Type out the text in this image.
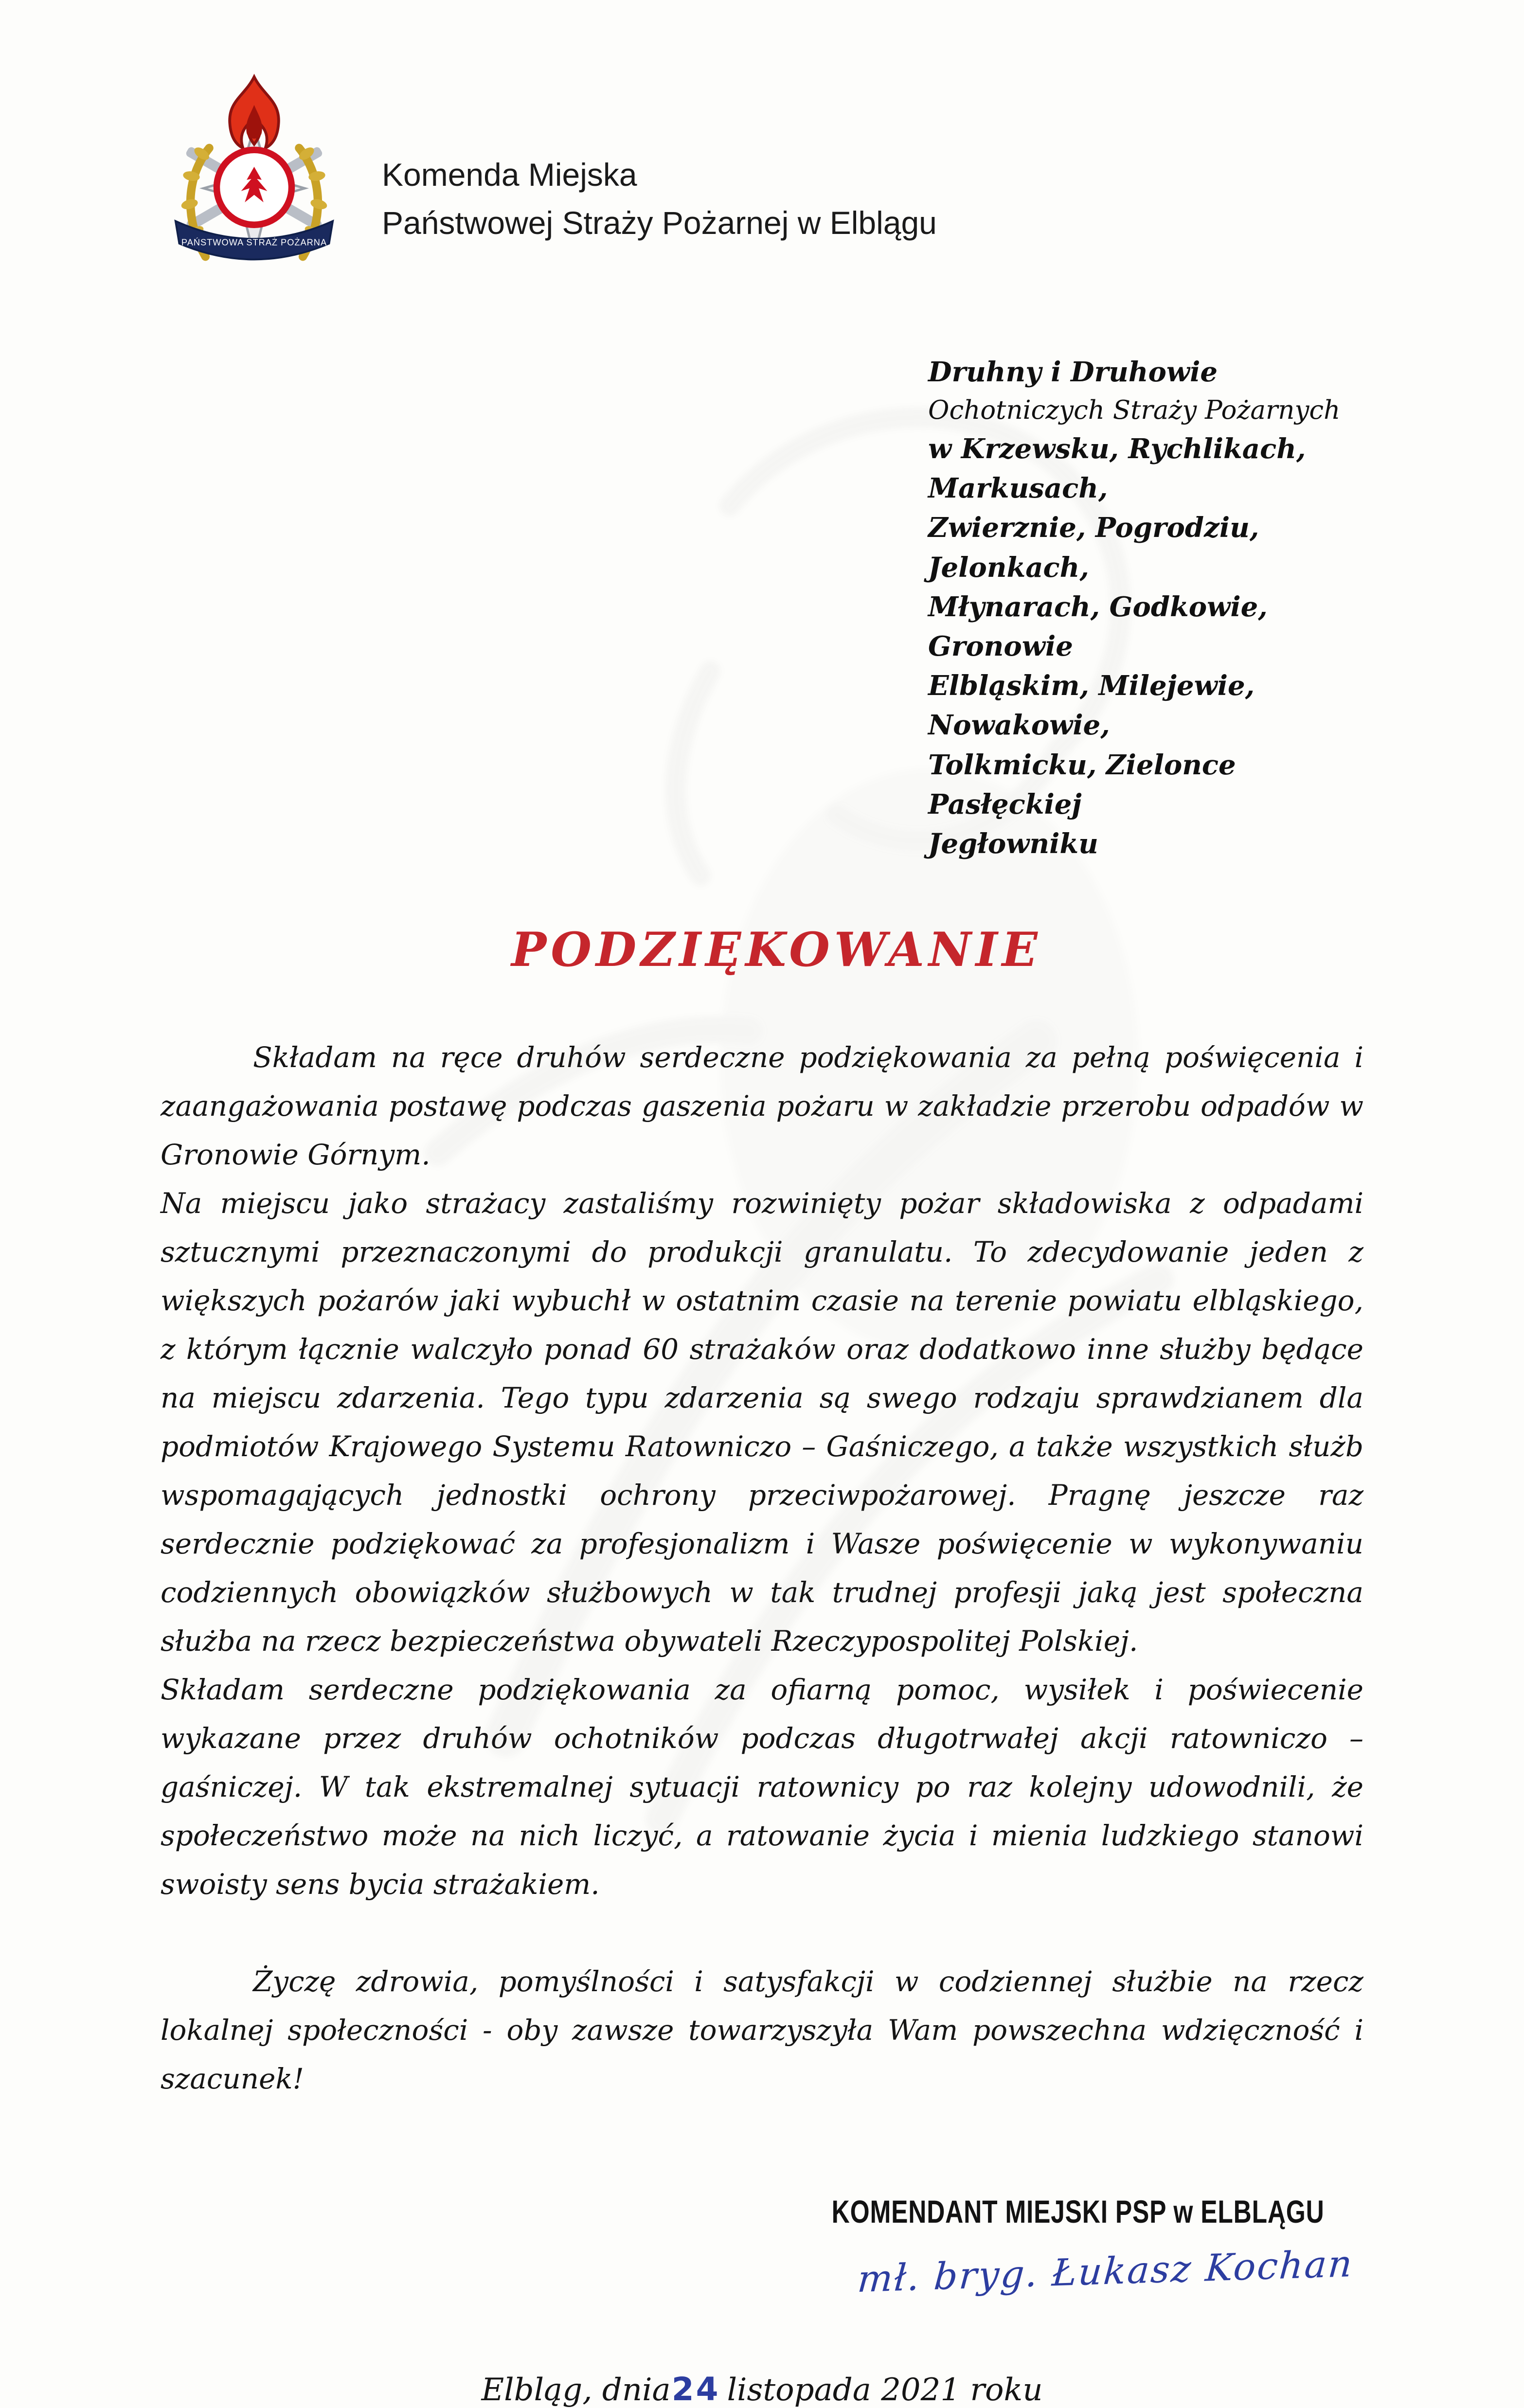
PAŃSTWOWA STRAŻ POŻARNA
Komenda Miejska
Państwowej Straży Pożarnej w Elblągu
Druhny i Druhowie
Ochotniczych Straży Pożarnych
w Krzewsku, Rychlikach, Markusach,
Zwierznie, Pogrodziu, Jelonkach,
Młynarach, Godkowie, Gronowie
Elbląskim, Milejewie, Nowakowie,
Tolkmicku, Zielonce Pasłęckiej
Jegłowniku
PODZIĘKOWANIE

Składam na ręce druhów serdeczne podziękowania za pełną poświęcenia i zaangażowania postawę podczas gaszenia pożaru w zakładzie przerobu odpadów w Gronowie Górnym.

Na miejscu jako strażacy zastaliśmy rozwinięty pożar składowiska z odpadami sztucznymi przeznaczonymi do produkcji granulatu. To zdecydowanie jeden z większych pożarów jaki wybuchł w ostatnim czasie na terenie powiatu elbląskiego, z którym łącznie walczyło ponad 60 strażaków oraz dodatkowo inne służby będące na miejscu zdarzenia. Tego typu zdarzenia są swego rodzaju sprawdzianem dla podmiotów Krajowego Systemu Ratowniczo – Gaśniczego, a także wszystkich służb wspomagających jednostki ochrony przeciwpożarowej. Pragnę jeszcze raz serdecznie podziękować za profesjonalizm i Wasze poświęcenie w wykonywaniu codziennych obowiązków służbowych w tak trudnej profesji jaką jest społeczna służba na rzecz bezpieczeństwa obywateli Rzeczypospolitej Polskiej.

Składam serdeczne podziękowania za ofiarną pomoc, wysiłek i poświecenie wykazane przez druhów ochotników podczas długotrwałej akcji ratowniczo – gaśniczej. W tak ekstremalnej sytuacji ratownicy po raz kolejny udowodnili, że społeczeństwo może na nich liczyć, a ratowanie życia i mienia ludzkiego stanowi swoisty sens bycia strażakiem.

Życzę zdrowia, pomyślności i satysfakcji w codziennej służbie na rzecz lokalnej społeczności - oby zawsze towarzyszyła Wam powszechna wdzięczność i szacunek!

KOMENDANT MIEJSKI PSP w ELBLĄGU
mł. bryg. Łukasz Kochan
Elbląg, dnia24 listopada 2021 roku
